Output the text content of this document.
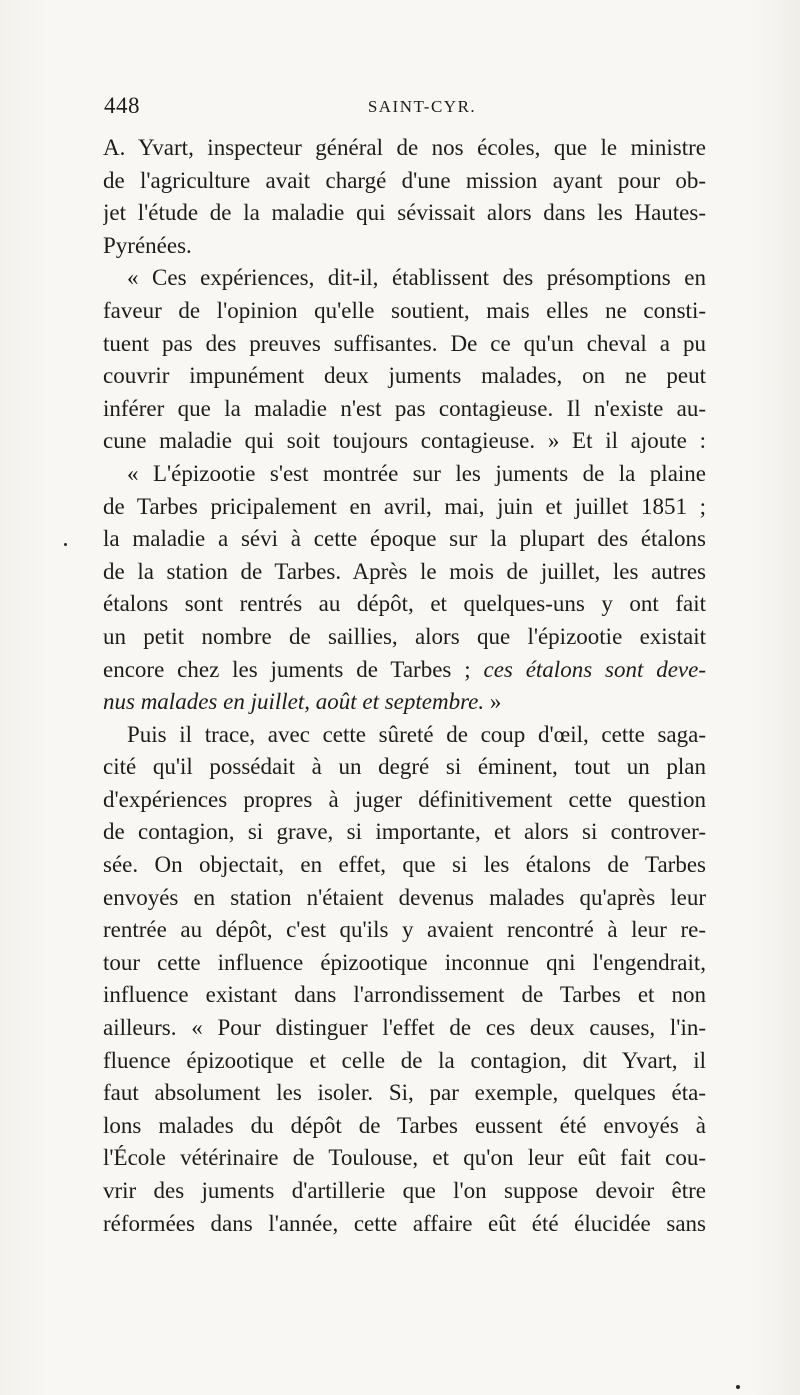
448	SAINT-CYR.
A. Yvart, inspecteur général de nos écoles, que le ministre
de l'agriculture avait chargé d'une mission ayant pour ob-
jet l'étude de la maladie qui sévissait alors dans les Hautes-
Pyrénées.
« Ces expériences, dit-il, établissent des présomptions en
faveur de l'opinion qu'elle soutient, mais elles ne consti-
tuent pas des preuves suffisantes. De ce qu'un cheval a pu
couvrir impunément deux juments malades, on ne peut
inférer que la maladie n'est pas contagieuse. Il n'existe au-
cune maladie qui soit toujours contagieuse. » Et il ajoute :
« L'épizootie s'est montrée sur les juments de la plaine
de Tarbes pricipalement en avril, mai, juin et juillet 1851 ;
la maladie a sévi à cette époque sur la plupart des étalons
de la station de Tarbes. Après le mois de juillet, les autres
étalons sont rentrés au dépôt, et quelques-uns y ont fait
un petit nombre de saillies, alors que l'épizootie existait
encore chez les juments de Tarbes ; ces étalons sont deve-
nus malades en juillet, août et septembre. »
Puis il trace, avec cette sûreté de coup d'œil, cette saga-
cité qu'il possédait à un degré si éminent, tout un plan
d'expériences propres à juger définitivement cette question
de contagion, si grave, si importante, et alors si controver-
sée. On objectait, en effet, que si les étalons de Tarbes
envoyés en station n'étaient devenus malades qu'après leur
rentrée au dépôt, c'est qu'ils y avaient rencontré à leur re-
tour cette influence épizootique inconnue qni l'engendrait,
influence existant dans l'arrondissement de Tarbes et non
ailleurs. « Pour distinguer l'effet de ces deux causes, l'in-
fluence épizootique et celle de la contagion, dit Yvart, il
faut absolument les isoler. Si, par exemple, quelques éta-
lons malades du dépôt de Tarbes eussent été envoyés à
l'École vétérinaire de Toulouse, et qu'on leur eût fait cou-
vrir des juments d'artillerie que l'on suppose devoir être
réformées dans l'année, cette affaire eût été élucidée sans
